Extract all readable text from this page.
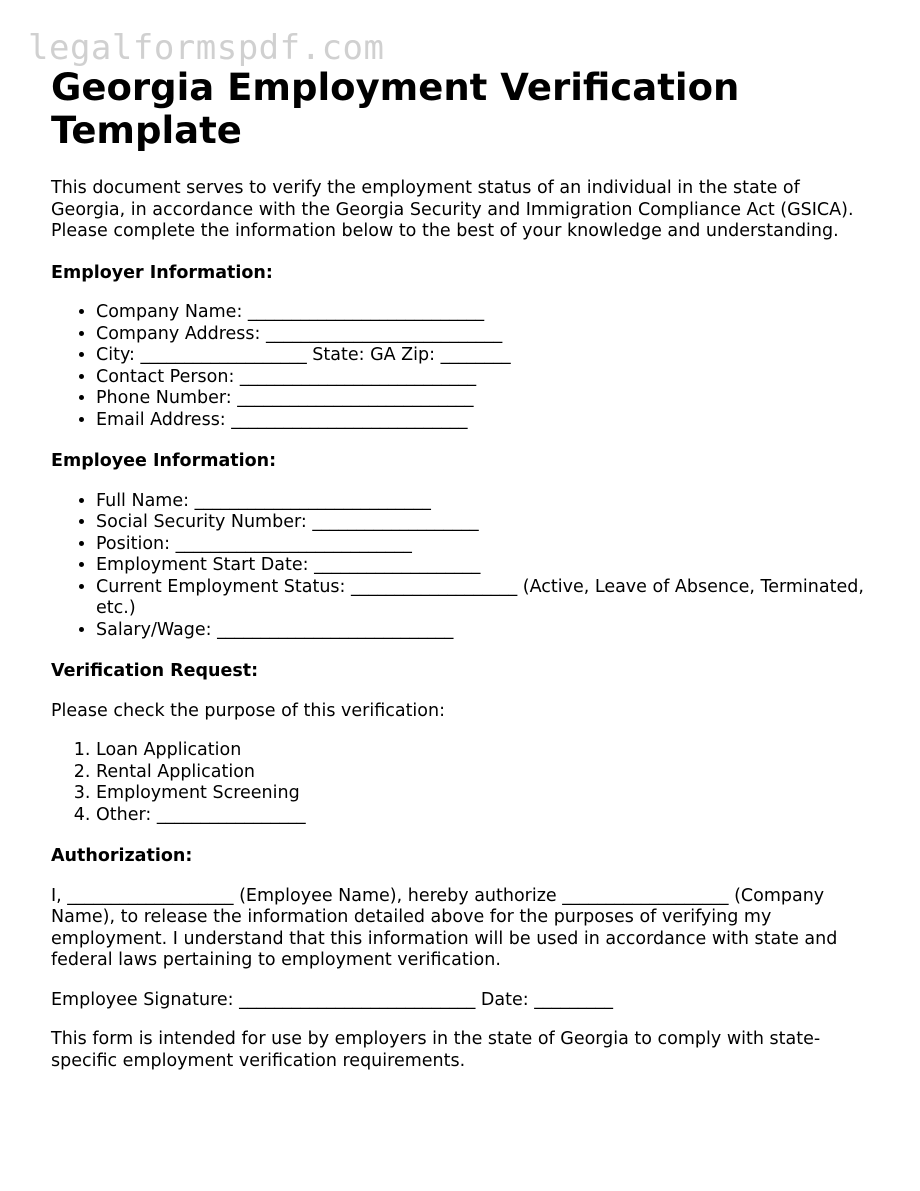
legalformspdf.com

Georgia Employment Verification Template

This document serves to verify the employment status of an individual in the state of Georgia, in accordance with the Georgia Security and Immigration Compliance Act (GSICA). Please complete the information below to the best of your knowledge and understanding.

Employer Information:
• Company Name: ___________________________
• Company Address: ___________________________
• City: ___________________ State: GA Zip: ________
• Contact Person: ___________________________
• Phone Number: ___________________________
• Email Address: ___________________________
Employee Information:
• Full Name: ___________________________
• Social Security Number: ___________________
• Position: ___________________________
• Employment Start Date: ___________________
• Current Employment Status: ___________________ (Active, Leave of Absence, Terminated, etc.)
• Salary/Wage: ___________________________
Verification Request:

Please check the purpose of this verification:

1. Loan Application
2. Rental Application
3. Employment Screening
4. Other: _________________
Authorization:

I, ___________________ (Employee Name), hereby authorize ___________________ (Company Name), to release the information detailed above for the purposes of verifying my employment. I understand that this information will be used in accordance with state and federal laws pertaining to employment verification.

Employee Signature: ___________________________ Date: _________

This form is intended for use by employers in the state of Georgia to comply with state-specific employment verification requirements.
